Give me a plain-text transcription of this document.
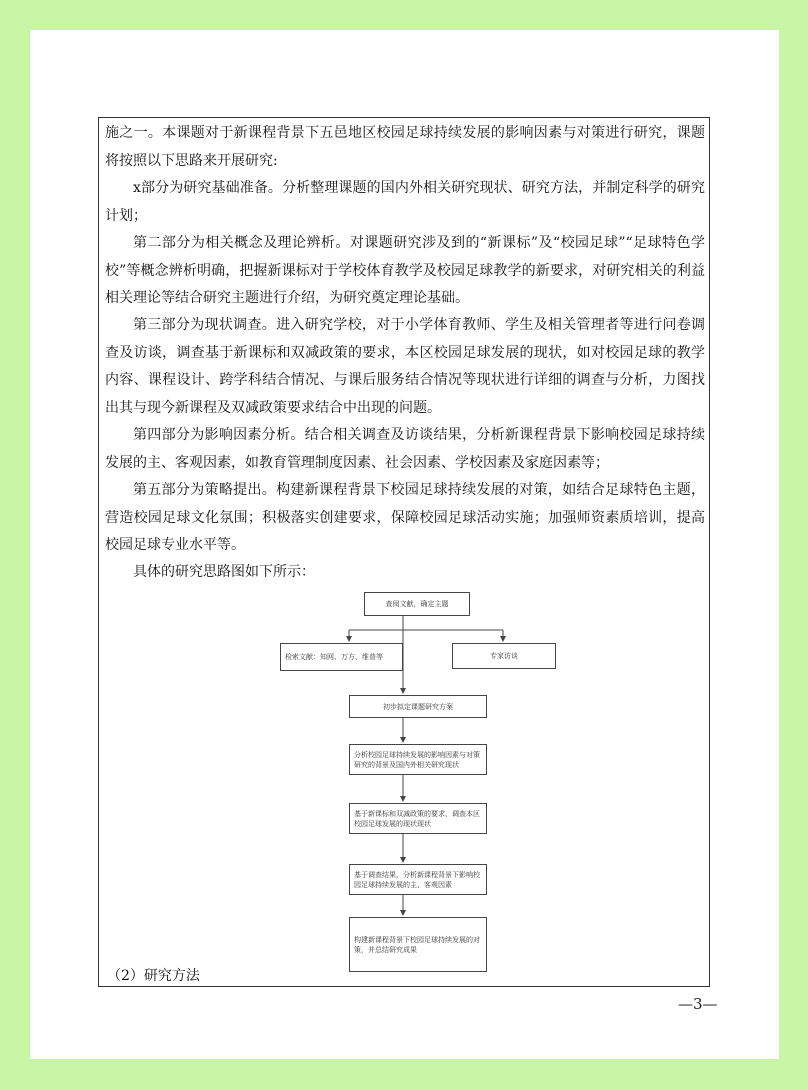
施之一。本课题对于新课程背景下五邑地区校园足球持续发展的影响因素与对策进行研究，课题将按照以下思路来开展研究:

x部分为研究基础准备。分析整理课题的国内外相关研究现状、研究方法，并制定科学的研究计划；

第二部分为相关概念及理论辨析。对课题研究涉及到的“新课标”及“校园足球”“足球特色学校”等概念辨析明确，把握新课标对于学校体育教学及校园足球教学的新要求，对研究相关的利益相关理论等结合研究主题进行介绍，为研究奠定理论基础。

第三部分为现状调查。进入研究学校，对于小学体育教师、学生及相关管理者等进行问卷调查及访谈，调查基于新课标和双减政策的要求，本区校园足球发展的现状，如对校园足球的教学内容、课程设计、跨学科结合情况、与课后服务结合情况等现状进行详细的调查与分析，力图找出其与现今新课程及双减政策要求结合中出现的问题。

第四部分为影响因素分析。结合相关调查及访谈结果，分析新课程背景下影响校园足球持续发展的主、客观因素，如教育管理制度因素、社会因素、学校因素及家庭因素等；

第五部分为策略提出。构建新课程背景下校园足球持续发展的对策，如结合足球特色主题，营造校园足球文化氛围；积极落实创建要求，保障校园足球活动实施；加强师资素质培训，提高校园足球专业水平等。

具体的研究思路图如下所示：

查阅文献，确定主题
检索文献：知网、万方、维普等	专家访谈
初步拟定课题研究方案
分析校园足球持续发展的影响因素与对策研究的背景及国内外相关研究现状
基于新课标和双减政策的要求，调查本区校园足球发展的现状现状
基于调查结果，分析新课程背景下影响校园足球持续发展的主、客观因素
构建新课程背景下校园足球持续发展的对策，并总结研究成果

（2）研究方法

—3—
